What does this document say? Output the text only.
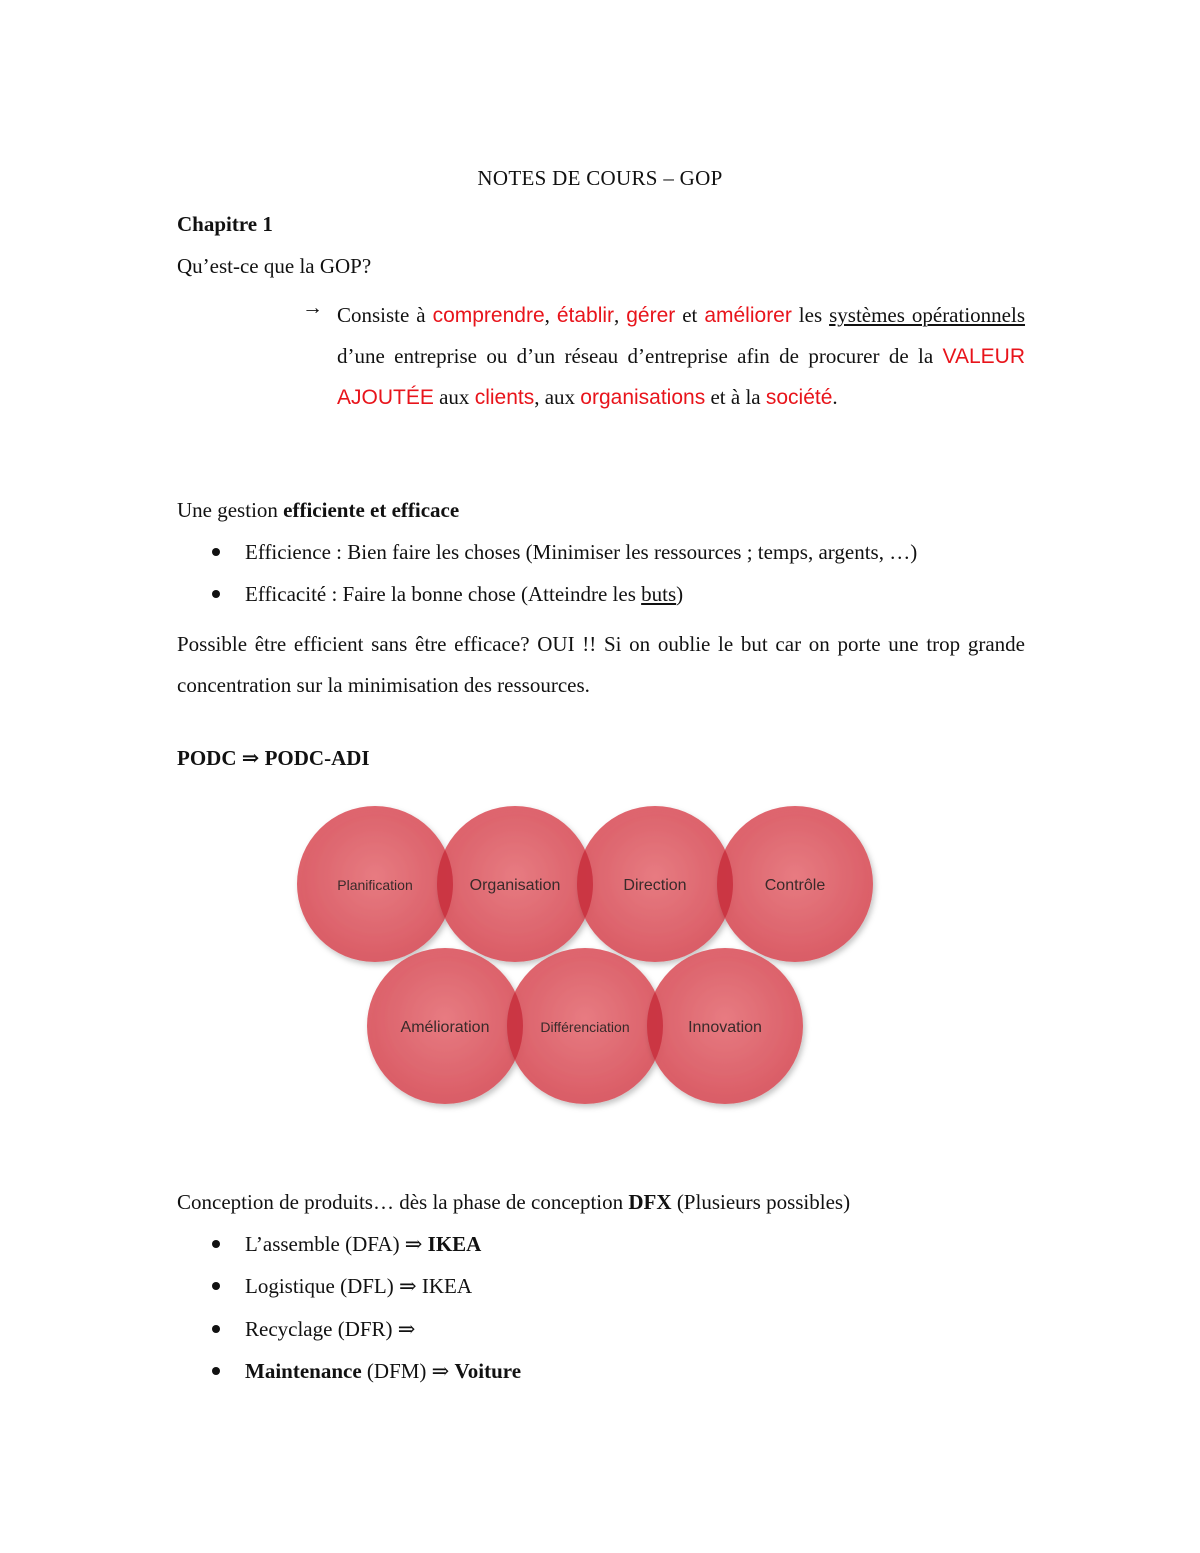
NOTES DE COURS – GOP
Chapitre 1
Qu’est-ce que la GOP?
→ Consiste à comprendre, établir, gérer et améliorer les systèmes opérationnels d’une entreprise ou d’un réseau d’entreprise afin de procurer de la VALEUR AJOUTÉE aux clients, aux organisations et à la société.
Une gestion efficiente et efficace
Efficience : Bien faire les choses (Minimiser les ressources ; temps, argents, …)
Efficacité : Faire la bonne chose (Atteindre les buts)
Possible être efficient sans être efficace? OUI !! Si on oublie le but car on porte une trop grande concentration sur la minimisation des ressources.
PODC ⇒ PODC-ADI
Planification	Organisation	Direction	Contrôle
Amélioration	Différenciation	Innovation
Conception de produits… dès la phase de conception DFX (Plusieurs possibles)
L’assemble (DFA) ⇒ IKEA
Logistique (DFL) ⇒ IKEA
Recyclage (DFR) ⇒
Maintenance (DFM) ⇒ Voiture
